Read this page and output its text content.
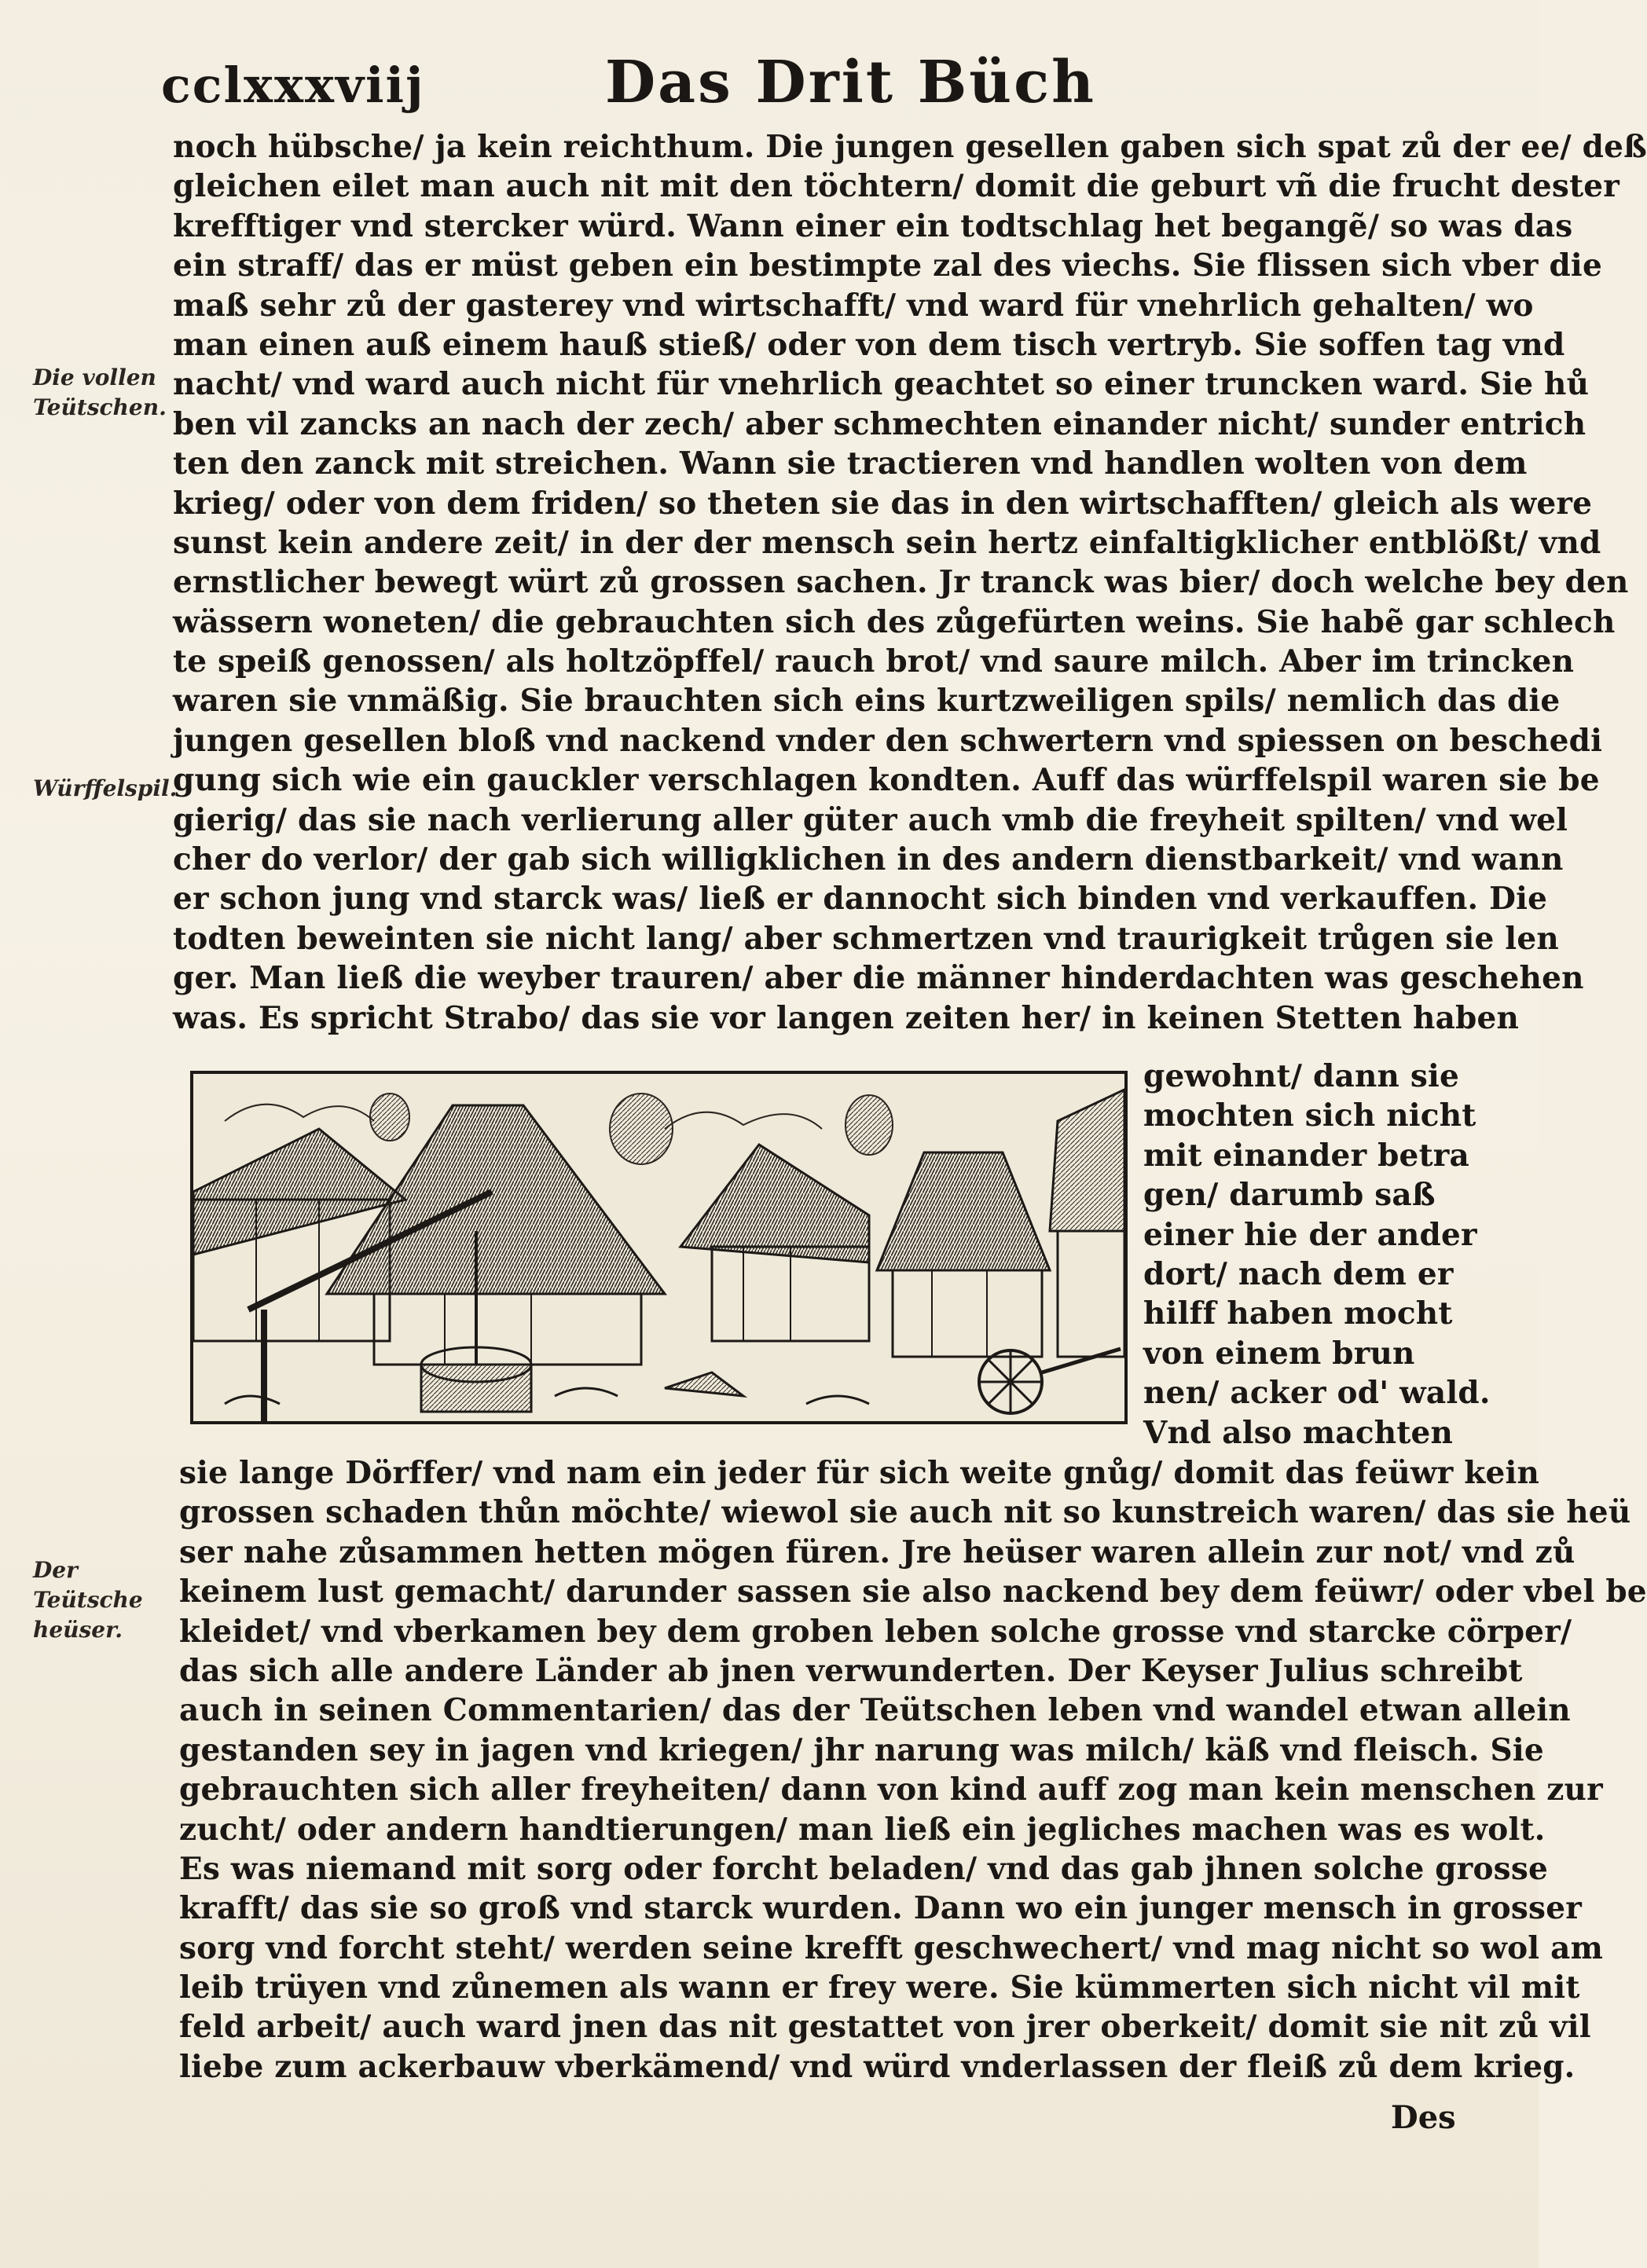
cclxxxviij	Das Drit Büch
Die vollen Teütschen.
Würffelspil.
Der Teütsche heüser.
noch hübsche/ ja kein reichthum. Die jungen gesellen gaben sich spat zů der ee/ deß
gleichen eilet man auch nit mit den töchtern/ domit die geburt vñ die frucht dester
krefftiger vnd stercker würd. Wann einer ein todtschlag het begangẽ/ so was das
ein straff/ das er müst geben ein bestimpte zal des viechs. Sie flissen sich vber die
maß sehr zů der gasterey vnd wirtschafft/ vnd ward für vnehrlich gehalten/ wo
man einen auß einem hauß stieß/ oder von dem tisch vertryb. Sie soffen tag vnd
nacht/ vnd ward auch nicht für vnehrlich geachtet so einer truncken ward. Sie hů
ben vil zancks an nach der zech/ aber schmechten einander nicht/ sunder entrich
ten den zanck mit streichen. Wann sie tractieren vnd handlen wolten von dem
krieg/ oder von dem friden/ so theten sie das in den wirtschafften/ gleich als were
sunst kein andere zeit/ in der der mensch sein hertz einfaltigklicher entblößt/ vnd
ernstlicher bewegt würt zů grossen sachen. Jr tranck was bier/ doch welche bey den
wässern woneten/ die gebrauchten sich des zůgefürten weins. Sie habẽ gar schlech
te speiß genossen/ als holtzöpffel/ rauch brot/ vnd saure milch. Aber im trincken
waren sie vnmäßig. Sie brauchten sich eins kurtzweiligen spils/ nemlich das die
jungen gesellen bloß vnd nackend vnder den schwertern vnd spiessen on beschedi
gung sich wie ein gauckler verschlagen kondten. Auff das würffelspil waren sie be
gierig/ das sie nach verlierung aller güter auch vmb die freyheit spilten/ vnd wel
cher do verlor/ der gab sich willigklichen in des andern dienstbarkeit/ vnd wann
er schon jung vnd starck was/ ließ er dannocht sich binden vnd verkauffen. Die
todten beweinten sie nicht lang/ aber schmertzen vnd traurigkeit trůgen sie len
ger. Man ließ die weyber trauren/ aber die männer hinderdachten was geschehen
was. Es spricht Strabo/ das sie vor langen zeiten her/ in keinen Stetten haben
gewohnt/ dann sie
mochten sich nicht
mit einander betra
gen/ darumb saß
einer hie der ander
dort/ nach dem er
hilff haben mocht
von einem brun
nen/ acker od' wald.
Vnd also machten
sie lange Dörffer/ vnd nam ein jeder für sich weite gnůg/ domit das feüwr kein
grossen schaden thůn möchte/ wiewol sie auch nit so kunstreich waren/ das sie heü
ser nahe zůsammen hetten mögen füren. Jre heüser waren allein zur not/ vnd zů
keinem lust gemacht/ darunder sassen sie also nackend bey dem feüwr/ oder vbel be
kleidet/ vnd vberkamen bey dem groben leben solche grosse vnd starcke cörper/
das sich alle andere Länder ab jnen verwunderten. Der Keyser Julius schreibt
auch in seinen Commentarien/ das der Teütschen leben vnd wandel etwan allein
gestanden sey in jagen vnd kriegen/ jhr narung was milch/ käß vnd fleisch. Sie
gebrauchten sich aller freyheiten/ dann von kind auff zog man kein menschen zur
zucht/ oder andern handtierungen/ man ließ ein jegliches machen was es wolt.
Es was niemand mit sorg oder forcht beladen/ vnd das gab jhnen solche grosse
krafft/ das sie so groß vnd starck wurden. Dann wo ein junger mensch in grosser
sorg vnd forcht steht/ werden seine krefft geschwechert/ vnd mag nicht so wol am
leib trüyen vnd zůnemen als wann er frey were. Sie kümmerten sich nicht vil mit
feld arbeit/ auch ward jnen das nit gestattet von jrer oberkeit/ domit sie nit zů vil
liebe zum ackerbauw vberkämend/ vnd würd vnderlassen der fleiß zů dem krieg.
Des
